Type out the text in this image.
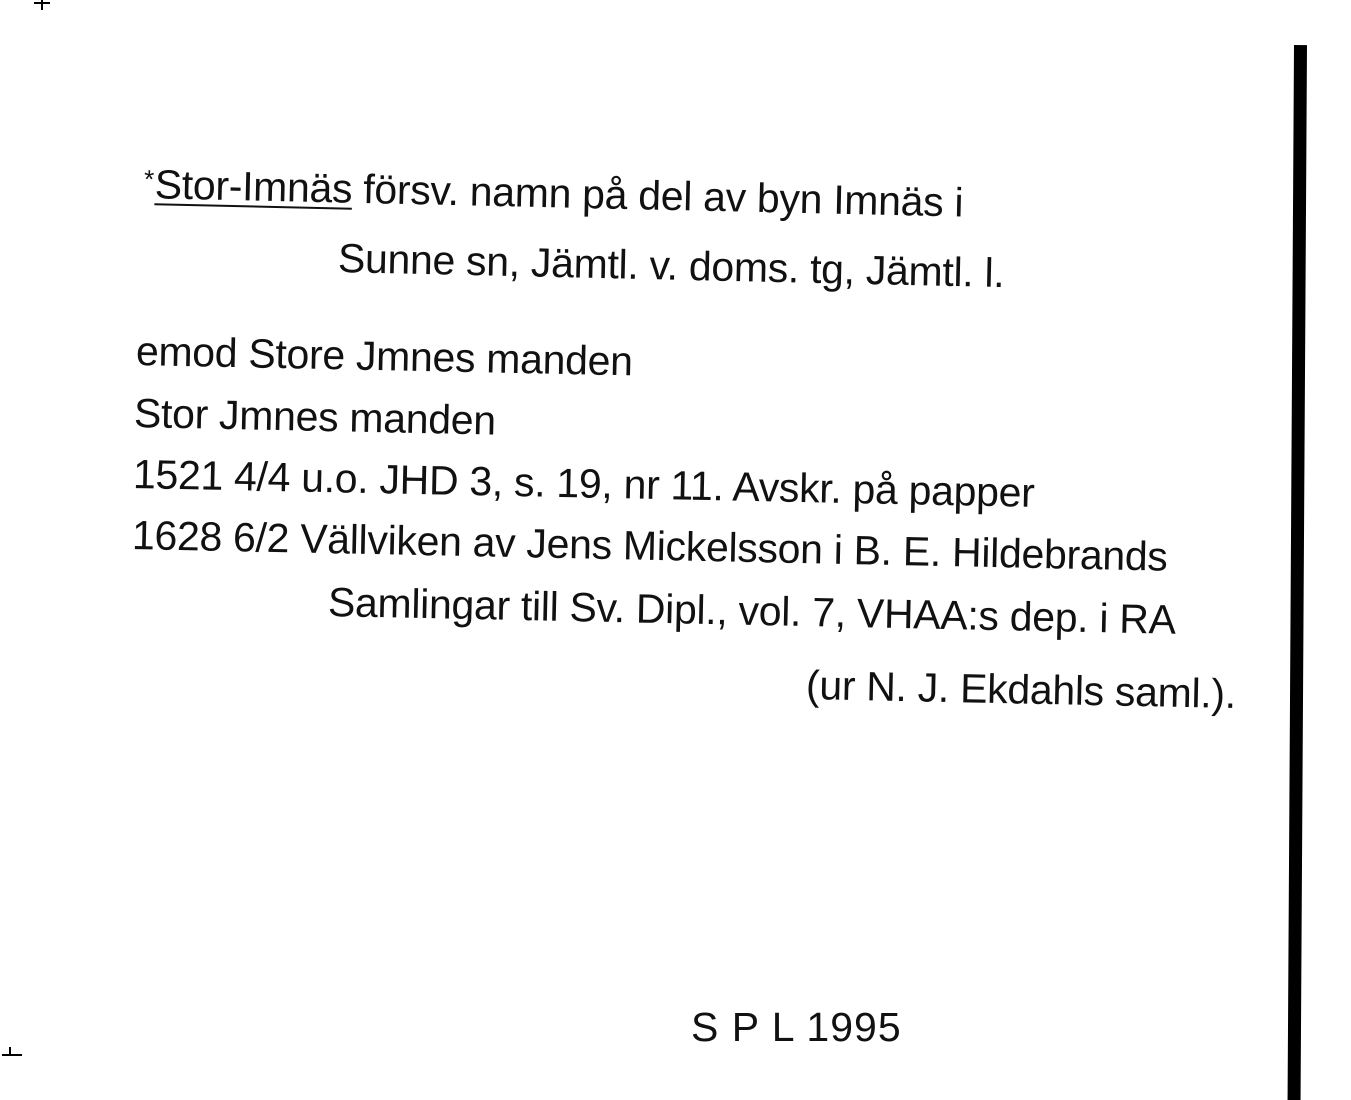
*Stor-Imnäs försv. namn på del av byn Imnäs i
Sunne sn, Jämtl. v. doms. tg, Jämtl. l.
emod Store Jmnes manden
Stor Jmnes manden
1521 4/4 u.o. JHD 3, s. 19, nr 11. Avskr. på papper
1628 6/2 Vällviken av Jens Mickelsson i B. E. Hildebrands
Samlingar till Sv. Dipl., vol. 7, VHAA:s dep. i RA
(ur N. J. Ekdahls saml.).
S P L 1995
